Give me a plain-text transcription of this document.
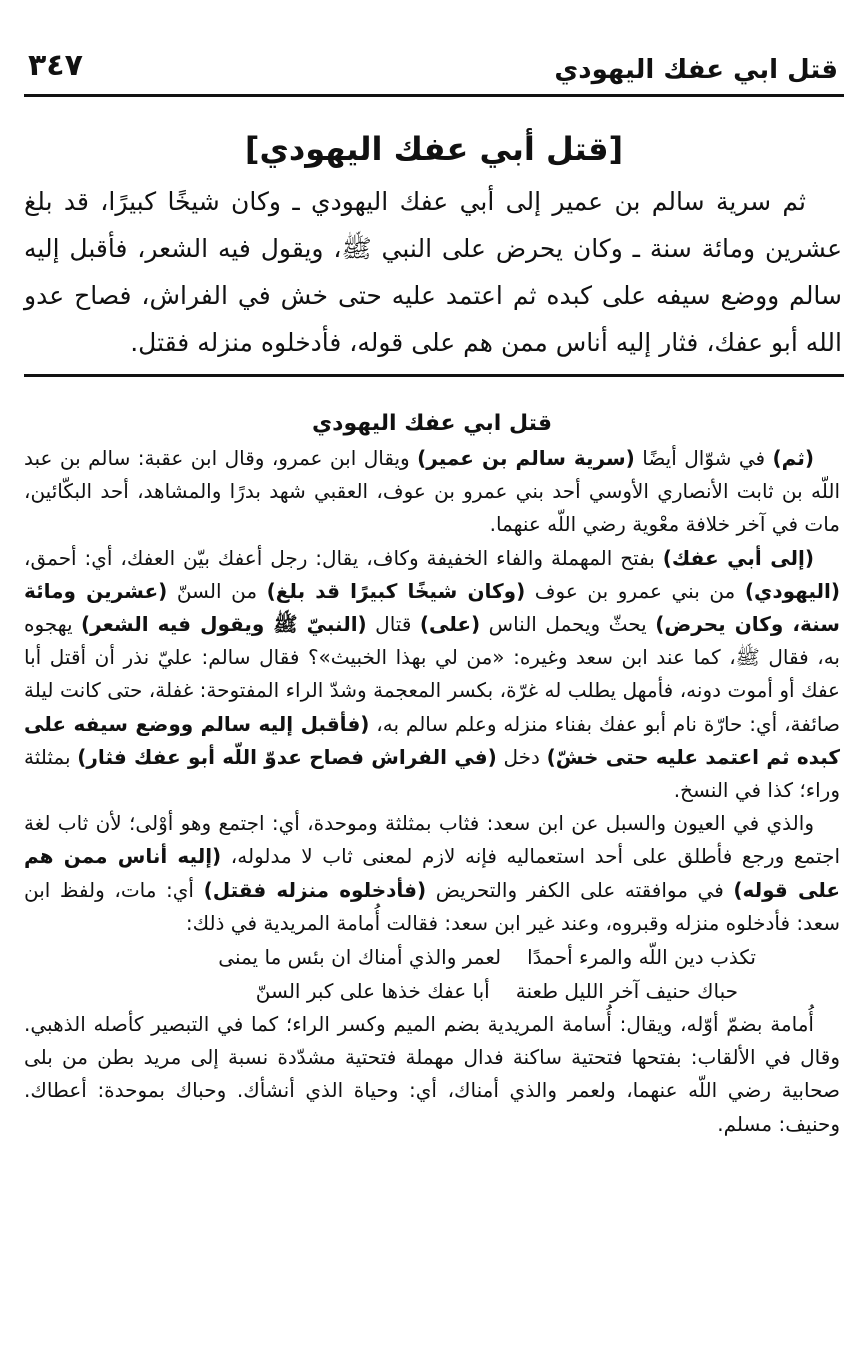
قتل ابي عفك اليهودي
٣٤٧
[قتل أبي عفك اليهودي]

ثم سرية سالم بن عمير إلى أبي عفك اليهودي ـ وكان شيخًا كبيرًا، قد بلغ عشرين ومائة سنة ـ وكان يحرض على النبي ﷺ، ويقول فيه الشعر، فأقبل إليه سالم ووضع سيفه على كبده ثم اعتمد عليه حتى خش في الفراش، فصاح عدو الله أبو عفك، فثار إليه أناس ممن هم على قوله، فأدخلوه منزله فقتل.

قتل ابي عفك اليهودي

(ثم) في شوّال أيضًا (سرية سالم بن عمير) ويقال ابن عمرو، وقال ابن عقبة: سالم بن عبد اللّه بن ثابت الأنصاري الأوسي أحد بني عمرو بن عوف، العقبي شهد بدرًا والمشاهد، أحد البكّائين، مات في آخر خلافة معْوية رضي اللّه عنهما.

(إلى أبي عفك) بفتح المهملة والفاء الخفيفة وكاف، يقال: رجل أعفك بيّن العفك، أي: أحمق، (اليهودي) من بني عمرو بن عوف (وكان شيخًا كبيرًا قد بلغ) من السنّ (عشرين ومائة سنة، وكان يحرض) يحثّ ويحمل الناس (على) قتال (النبيّ ﷺ ويقول فيه الشعر) يهجوه به، فقال ﷺ، كما عند ابن سعد وغيره: «من لي بهذا الخبيث»؟ فقال سالم: عليّ نذر أن أقتل أبا عفك أو أموت دونه، فأمهل يطلب له غرّة، بكسر المعجمة وشدّ الراء المفتوحة: غفلة، حتى كانت ليلة صائفة، أي: حارّة نام أبو عفك بفناء منزله وعلم سالم به، (فأقبل إليه سالم ووضع سيفه على كبده ثم اعتمد عليه حتى خشّ) دخل (في الفراش فصاح عدوّ اللّه أبو عفك فثار) بمثلثة وراء؛ كذا في النسخ.

والذي في العيون والسبل عن ابن سعد: فثاب بمثلثة وموحدة، أي: اجتمع وهو أوْلى؛ لأن ثاب لغة اجتمع ورجع فأطلق على أحد استعماليه فإنه لازم لمعنى ثاب لا مدلوله، (إليه أناس ممن هم على قوله) في موافقته على الكفر والتحريض (فأدخلوه منزله فقتل) أي: مات، ولفظ ابن سعد: فأدخلوه منزله وقبروه، وعند غير ابن سعد: فقالت أُمامة المريدية في ذلك:

تكذب دين اللّه والمرء أحمدًالعمر والذي أمناك ان بئس ما يمنى
حباك حنيف آخر الليل طعنةأبا عفك خذها على كبر السنّ

أُمامة بضمّ أوّله، ويقال: أُسامة المريدية بضم الميم وكسر الراء؛ كما في التبصير كأصله الذهبي. وقال في الألقاب: بفتحها فتحتية ساكنة فدال مهملة فتحتية مشدّدة نسبة إلى مريد بطن من بلى صحابية رضي اللّه عنهما، ولعمر والذي أمناك، أي: وحياة الذي أنشأك. وحباك بموحدة: أعطاك. وحنيف: مسلم.
